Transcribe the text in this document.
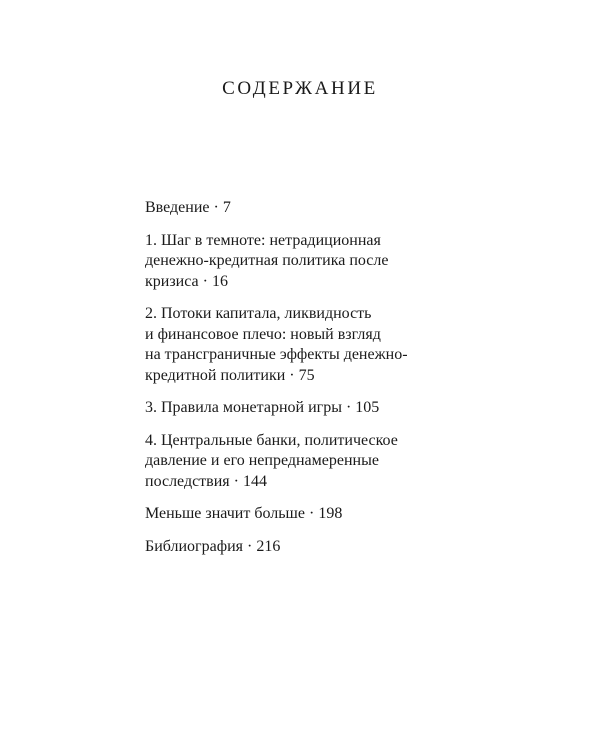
СОДЕРЖАНИЕ
Введение · 7
1. Шаг в темноте: нетрадиционная
денежно-кредитная политика после
кризиса · 16
2. Потоки капитала, ликвидность
и финансовое плечо: новый взгляд
на трансграничные эффекты денежно-
кредитной политики · 75
3. Правила монетарной игры · 105
4. Центральные банки, политическое
давление и его непреднамеренные
последствия · 144
Меньше значит больше · 198
Библиография · 216
